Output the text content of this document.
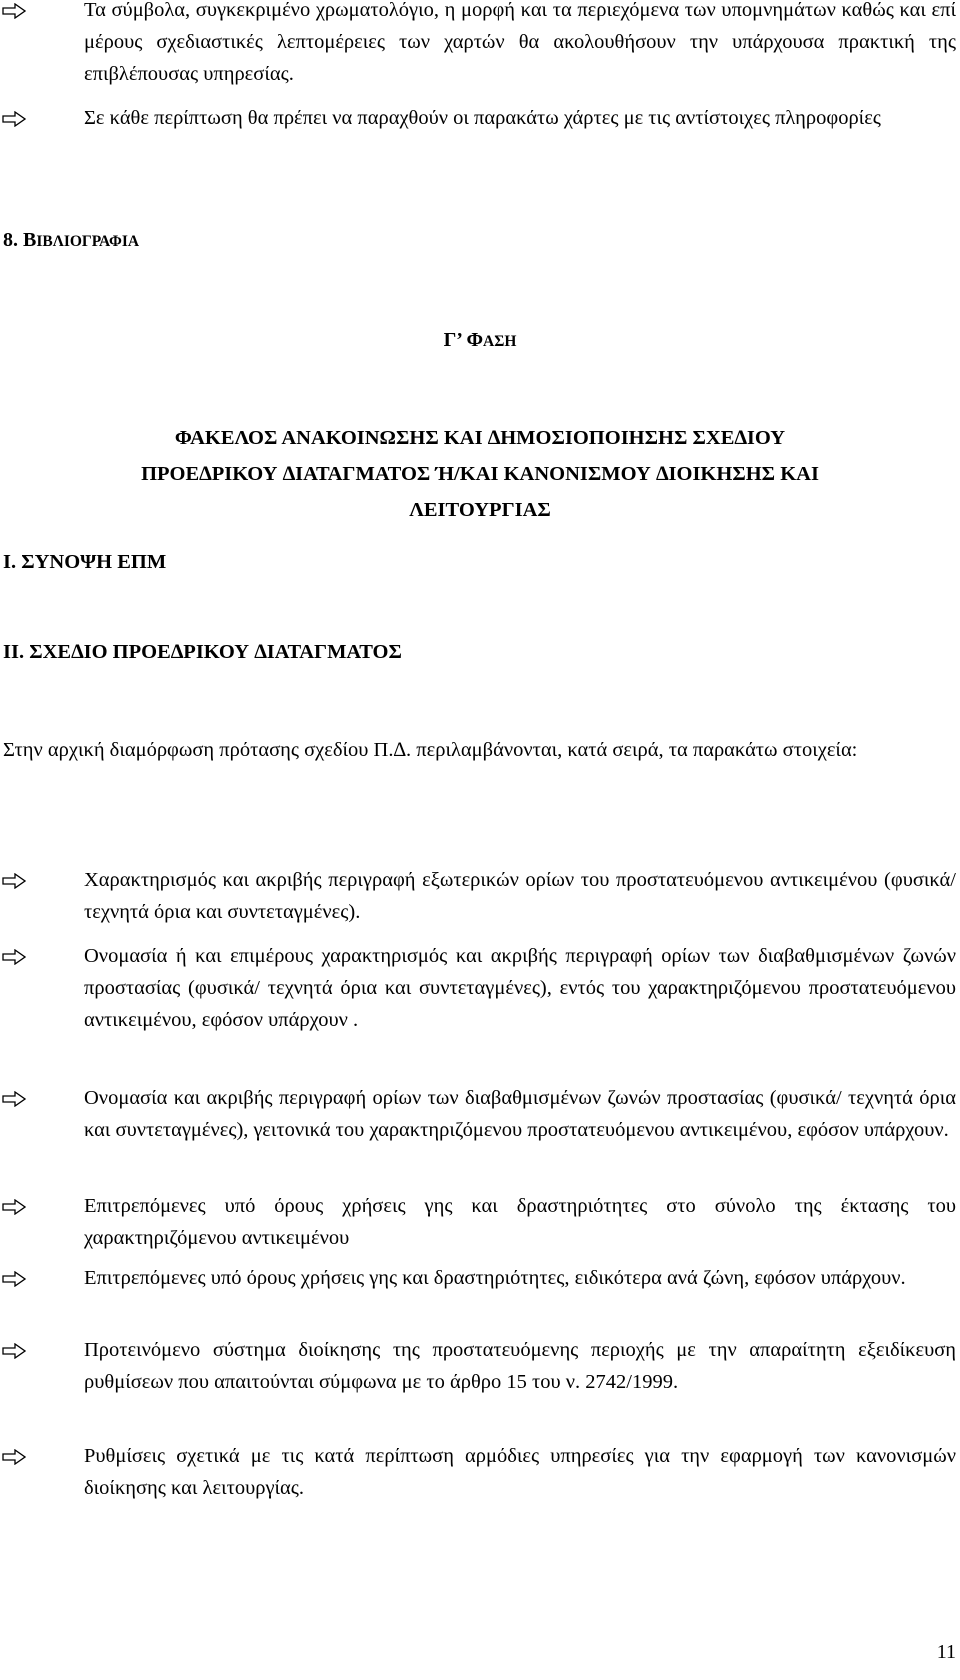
Τα σύμβολα, συγκεκριμένο χρωματολόγιο, η μορφή και τα περιεχόμενα των υπομνημάτων καθώς και επί μέρους σχεδιαστικές λεπτομέρειες των χαρτών θα ακολουθήσουν την υπάρχουσα πρακτική της επιβλέπουσας υπηρεσίας.
Σε κάθε περίπτωση θα πρέπει να παραχθούν οι παρακάτω χάρτες με τις αντίστοιχες πληροφορίες
8. ΒΙΒΛΙΟΓΡΑΦΙΑ
Γ’ ΦΑΣΗ
ΦΑΚΕΛΟΣ ΑΝΑΚΟΙΝΩΣΗΣ ΚΑΙ ∆ΗΜΟΣΙΟΠΟΙΗΣΗΣ ΣΧΕ∆ΙΟΥ
ΠΡΟΕ∆ΡΙΚΟΥ ∆ΙΑΤΑΓΜΑΤΟΣ Ή/ΚΑΙ ΚΑΝΟΝΙΣΜΟΥ ∆ΙΟΙΚΗΣΗΣ ΚΑΙ
ΛΕΙΤΟΥΡΓΙΑΣ
Ι. ΣΥΝΟΨΗ ΕΠΜ
ΙΙ. ΣΧΕ∆ΙΟ ΠΡΟΕ∆ΡΙΚΟΥ ∆ΙΑΤΑΓΜΑΤΟΣ
Στην αρχική διαμόρφωση πρότασης σχεδίου Π.∆. περιλαμβάνονται, κατά σειρά, τα παρακάτω στοιχεία:
Χαρακτηρισμός και ακριβής περιγραφή εξωτερικών ορίων του προστατευόμενου αντικειμένου (φυσικά/ τεχνητά όρια και συντεταγμένες).
Ονομασία ή και επιμέρους χαρακτηρισμός και ακριβής περιγραφή ορίων των διαβαθμισμένων ζωνών προστασίας (φυσικά/ τεχνητά όρια και συντεταγμένες), εντός του χαρακτηριζόμενου προστατευόμενου αντικειμένου, εφόσον υπάρχουν .
Ονομασία και ακριβής περιγραφή ορίων των διαβαθμισμένων ζωνών προστασίας (φυσικά/ τεχνητά όρια και συντεταγμένες), γειτονικά του χαρακτηριζόμενου προστατευόμενου αντικειμένου, εφόσον υπάρχουν.
Επιτρεπόμενες υπό όρους χρήσεις γης και δραστηριότητες στο σύνολο της έκτασης του χαρακτηριζόμενου αντικειμένου
Επιτρεπόμενες υπό όρους χρήσεις γης και δραστηριότητες, ειδικότερα ανά ζώνη, εφόσον υπάρχουν.
Προτεινόμενο σύστημα διοίκησης της προστατευόμενης περιοχής με την απαραίτητη εξειδίκευση ρυθμίσεων που απαιτούνται σύμφωνα με το άρθρο 15 του ν. 2742/1999.
Ρυθμίσεις σχετικά με τις κατά περίπτωση αρμόδιες υπηρεσίες για την εφαρμογή των κανονισμών διοίκησης και λειτουργίας.
11
